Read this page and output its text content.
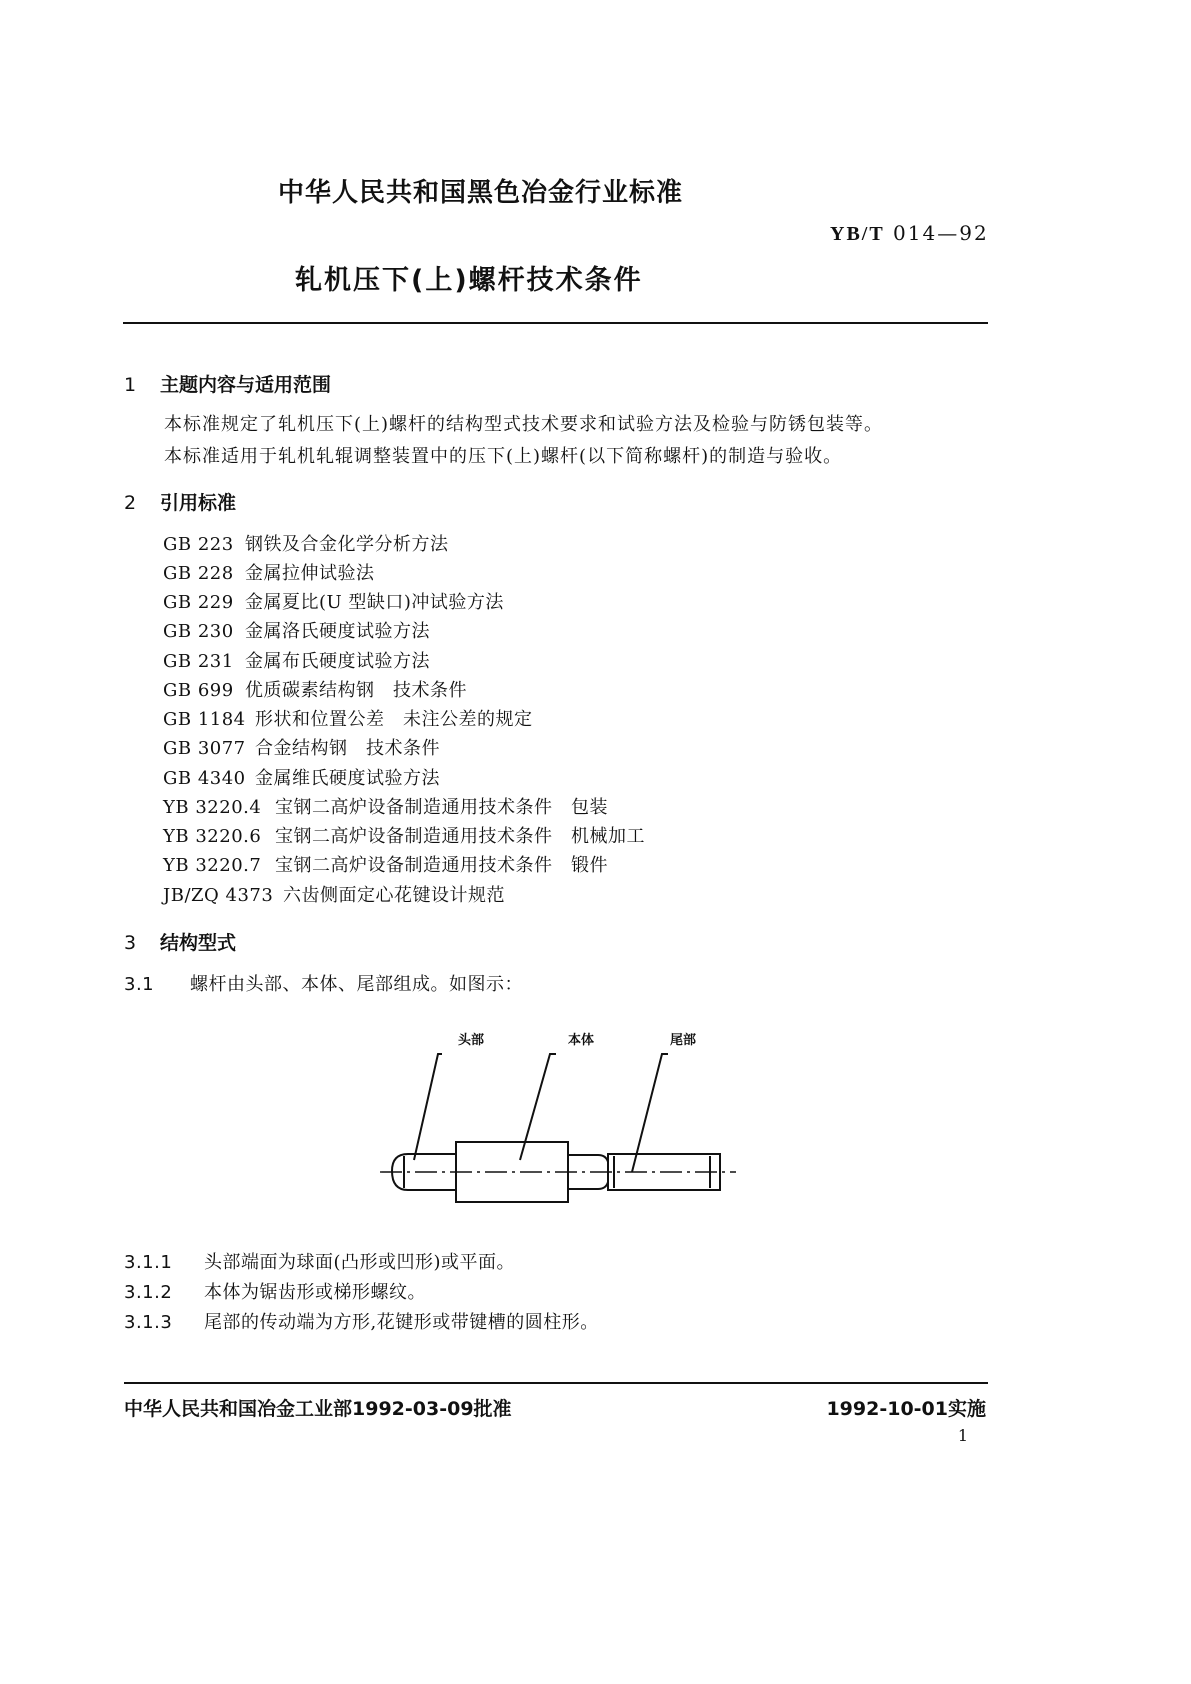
中华人民共和国黑色冶金行业标准
YB/T 014—92
轧机压下(上)螺杆技术条件
1 主题内容与适用范围
本标准规定了轧机压下(上)螺杆的结构型式技术要求和试验方法及检验与防锈包装等。
本标准适用于轧机轧辊调整装置中的压下(上)螺杆(以下简称螺杆)的制造与验收。
2 引用标准
GB 223 钢铁及合金化学分析方法
GB 228 金属拉伸试验法
GB 229 金属夏比(U 型缺口)冲试验方法
GB 230 金属洛氏硬度试验方法
GB 231 金属布氏硬度试验方法
GB 699 优质碳素结构钢　技术条件
GB 1184 形状和位置公差　未注公差的规定
GB 3077 合金结构钢　技术条件
GB 4340 金属维氏硬度试验方法
YB 3220.4 宝钢二高炉设备制造通用技术条件　包装
YB 3220.6 宝钢二高炉设备制造通用技术条件　机械加工
YB 3220.7 宝钢二高炉设备制造通用技术条件　锻件
JB/ZQ 4373 六齿侧面定心花键设计规范
3 结构型式
3.1 螺杆由头部、本体、尾部组成。如图示：
头部	本体	尾部
3.1.1 头部端面为球面(凸形或凹形)或平面。
3.1.2 本体为锯齿形或梯形螺纹。
3.1.3 尾部的传动端为方形,花键形或带键槽的圆柱形。
中华人民共和国冶金工业部1992-03-09批准	1992-10-01实施
1
